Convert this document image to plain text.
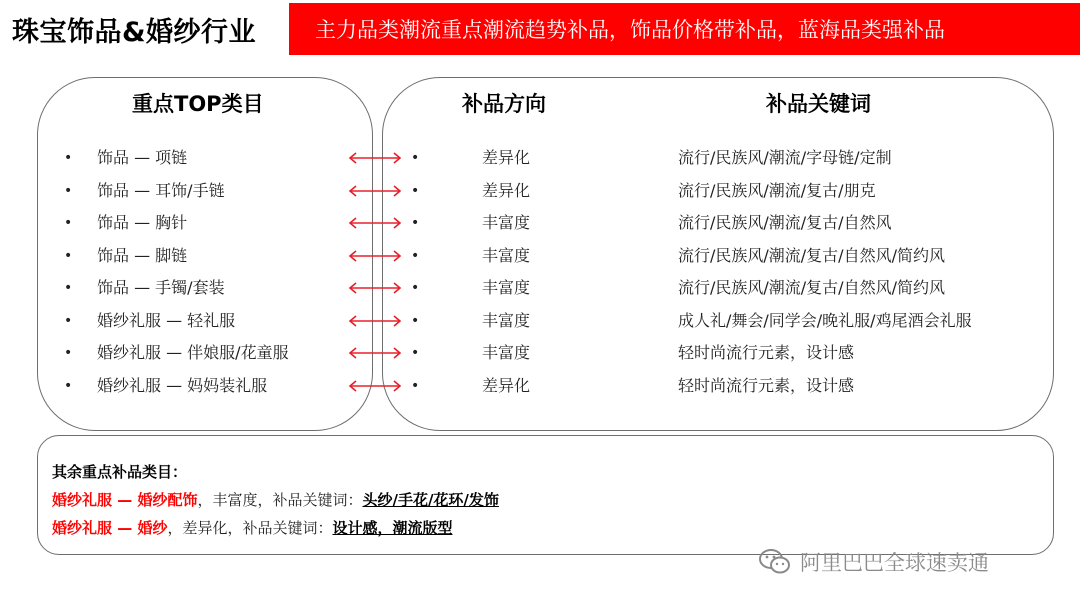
珠宝饰品&婚纱行业	主力品类潮流重点潮流趋势补品，饰品价格带补品，蓝海品类强补品
重点TOP类目	补品方向	补品关键词
• 饰品 — 项链	•	差异化	流行/民族风/潮流/字母链/定制
• 饰品 — 耳饰/手链	•	差异化	流行/民族风/潮流/复古/朋克
• 饰品 — 胸针	•	丰富度	流行/民族风/潮流/复古/自然风
• 饰品 — 脚链	•	丰富度	流行/民族风/潮流/复古/自然风/简约风
• 饰品 — 手镯/套装	•	丰富度	流行/民族风/潮流/复古/自然风/简约风
• 婚纱礼服 — 轻礼服	•	丰富度	成人礼/舞会/同学会/晚礼服/鸡尾酒会礼服
• 婚纱礼服 — 伴娘服/花童服	•	丰富度	轻时尚流行元素，设计感
• 婚纱礼服 — 妈妈装礼服	•	差异化	轻时尚流行元素，设计感
其余重点补品类目：
婚纱礼服 — 婚纱配饰，丰富度，补品关键词：头纱/手花/花环/发饰
婚纱礼服 — 婚纱，差异化，补品关键词：设计感，潮流版型
阿里巴巴全球速卖通
